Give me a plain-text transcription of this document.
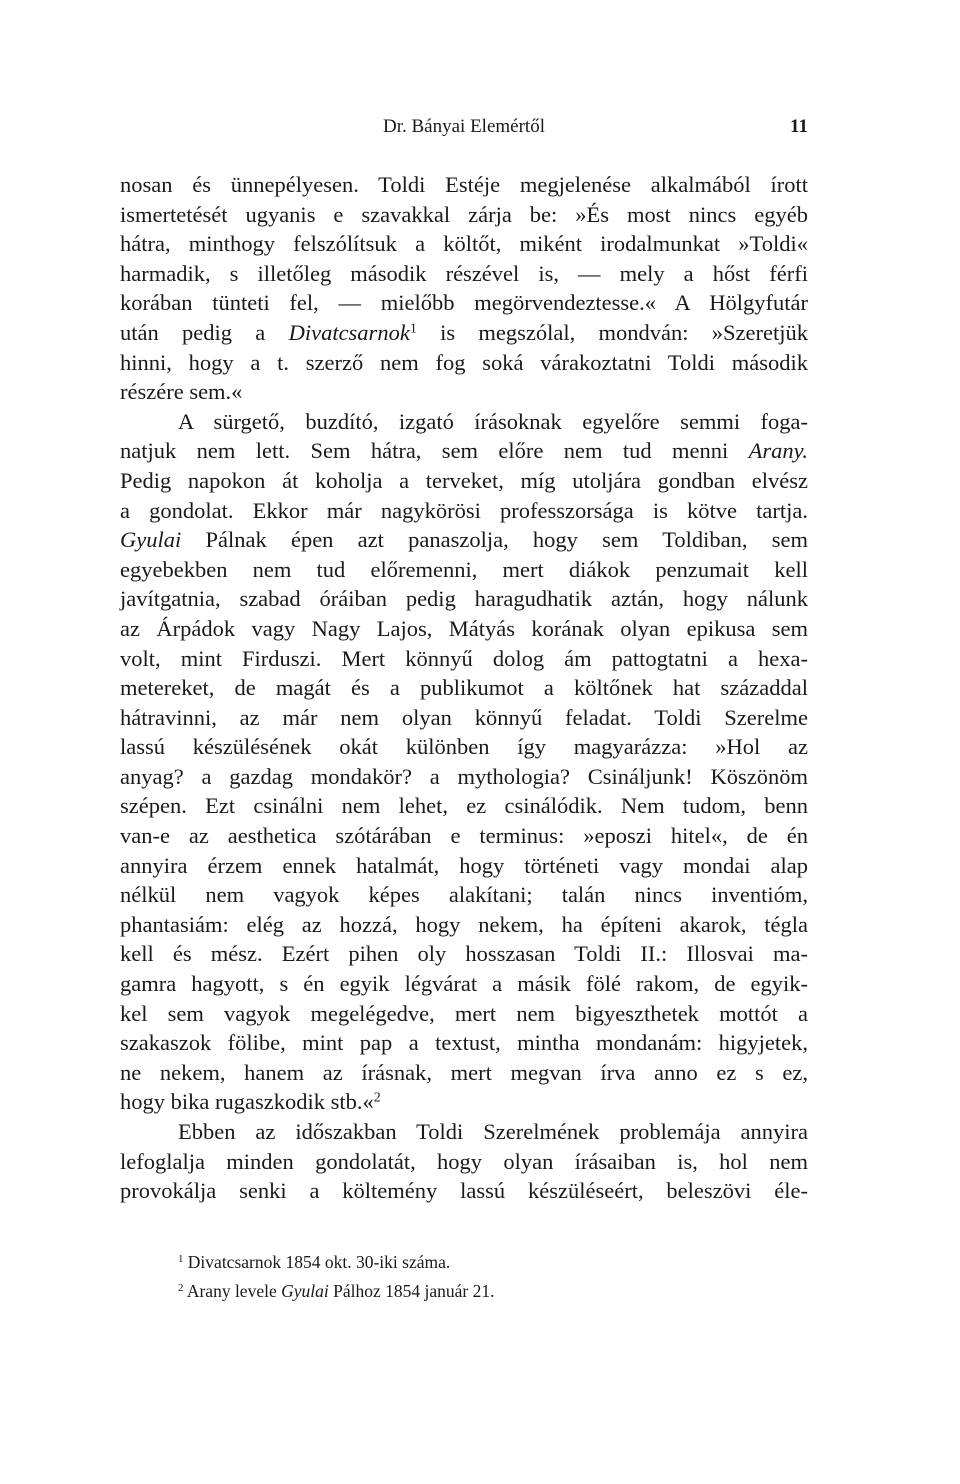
Dr. Bányai Elemértől	11
nosan és ünnepélyesen. Toldi Estéje megjelenése alkalmából írott
ismertetését ugyanis e szavakkal zárja be: »És most nincs egyéb
hátra, minthogy felszólítsuk a költőt, miként irodalmunkat »Toldi«
harmadik, s illetőleg második részével is, — mely a hőst férfi
korában tünteti fel, — mielőbb megörvendeztesse.« A Hölgyfutár
után pedig a Divatcsarnok$^1$ is megszólal, mondván: »Szeretjük
hinni, hogy a t. szerző nem fog soká várakoztatni Toldi második
részére sem.«
A sürgető, buzdító, izgató írásoknak egyelőre semmi foga-
natjuk nem lett. Sem hátra, sem előre nem tud menni Arany.
Pedig napokon át koholja a terveket, míg utoljára gondban elvész
a gondolat. Ekkor már nagykörösi professzorsága is kötve tartja.
Gyulai Pálnak épen azt panaszolja, hogy sem Toldiban, sem
egyebekben nem tud előremenni, mert diákok penzumait kell
javítgatnia, szabad óráiban pedig haragudhatik aztán, hogy nálunk
az Árpádok vagy Nagy Lajos, Mátyás korának olyan epikusa sem
volt, mint Firduszi. Mert könnyű dolog ám pattogtatni a hexa-
metereket, de magát és a publikumot a költőnek hat századdal
hátravinni, az már nem olyan könnyű feladat. Toldi Szerelme
lassú készülésének okát különben így magyarázza: »Hol az
anyag? a gazdag mondakör? a mythologia? Csináljunk! Köszönöm
szépen. Ezt csinálni nem lehet, ez csinálódik. Nem tudom, benn
van-e az aesthetica szótárában e terminus: »eposzi hitel«, de én
annyira érzem ennek hatalmát, hogy történeti vagy mondai alap
nélkül nem vagyok képes alakítani; talán nincs inventióm,
phantasiám: elég az hozzá, hogy nekem, ha építeni akarok, tégla
kell és mész. Ezért pihen oly hosszasan Toldi II.: Illosvai ma-
gamra hagyott, s én egyik légvárat a másik fölé rakom, de egyik-
kel sem vagyok megelégedve, mert nem bigyeszthetek mottót a
szakaszok fölibe, mint pap a textust, mintha mondanám: higyjetek,
ne nekem, hanem az írásnak, mert megvan írva anno ez s ez,
hogy bika rugaszkodik stb.«$^2$
Ebben az időszakban Toldi Szerelmének problemája annyira
lefoglalja minden gondolatát, hogy olyan írásaiban is, hol nem
provokálja senki a költemény lassú készüléseért, beleszövi éle-
$^1$ Divatcsarnok 1854 okt. 30-iki száma.
$^2$ Arany levele Gyulai Pálhoz 1854 január 21.
